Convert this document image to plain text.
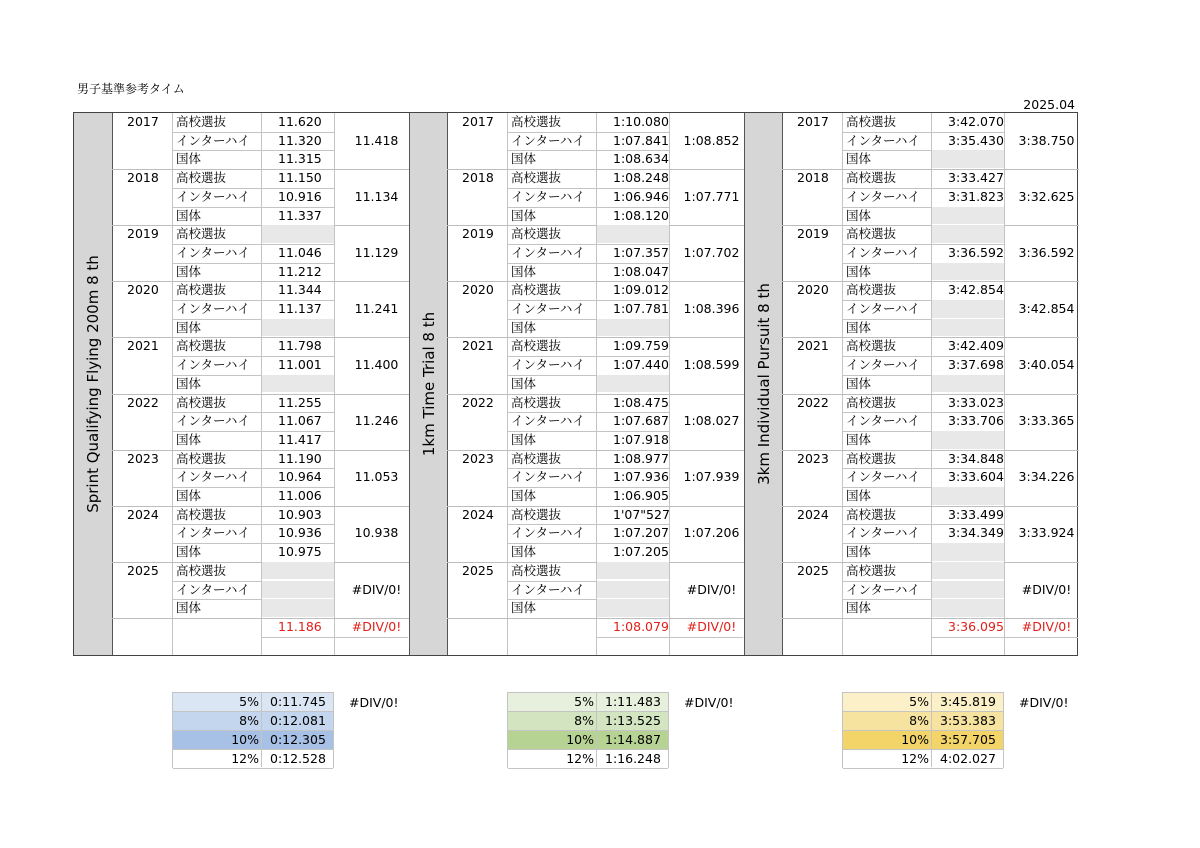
男子基準参考タイム
2025.04
Sprint Qualifying Flying 200m 8 th
2017 高校選抜	11.620
インターハイ 11.320
国体	11.315
11.418
2018 高校選抜	11.150
インターハイ 10.916
国体	11.337
11.134
2019 高校選抜
インターハイ 11.046
国体	11.212
11.129
2020 高校選抜	11.344
インターハイ 11.137
国体
11.241
2021 高校選抜	11.798
インターハイ 11.001
国体
11.400
2022 高校選抜	11.255
インターハイ 11.067
国体	11.417
11.246
2023 高校選抜	11.190
インターハイ 10.964
国体	11.006
11.053
2024 高校選抜	10.903
インターハイ 10.936
国体	10.975
10.938
2025 高校選抜
インターハイ
国体
#DIV/0!
11.186	#DIV/0!
1km Time Trial 8 th
2017 高校選抜	1:10.080
インターハイ 1:07.841
国体	1:08.634
1:08.852
2018 高校選抜	1:08.248
インターハイ 1:06.946
国体	1:08.120
1:07.771
2019 高校選抜
インターハイ 1:07.357
国体	1:08.047
1:07.702
2020 高校選抜	1:09.012
インターハイ 1:07.781
国体
1:08.396
2021 高校選抜	1:09.759
インターハイ 1:07.440
国体
1:08.599
2022 高校選抜	1:08.475
インターハイ 1:07.687
国体	1:07.918
1:08.027
2023 高校選抜	1:08.977
インターハイ 1:07.936
国体	1:06.905
1:07.939
2024 高校選抜	1'07"527
インターハイ 1:07.207
国体	1:07.205
1:07.206
2025 高校選抜
インターハイ
国体
#DIV/0!
1:08.079	#DIV/0!
3km Individual Pursuit 8 th
2017 高校選抜	3:42.070
インターハイ 3:35.430
国体
3:38.750
2018 高校選抜	3:33.427
インターハイ 3:31.823
国体
3:32.625
2019 高校選抜
インターハイ 3:36.592
国体
3:36.592
2020 高校選抜	3:42.854
インターハイ
国体
3:42.854
2021 高校選抜	3:42.409
インターハイ 3:37.698
国体
3:40.054
2022 高校選抜	3:33.023
インターハイ 3:33.706
国体
3:33.365
2023 高校選抜	3:34.848
インターハイ 3:33.604
国体
3:34.226
2024 高校選抜	3:33.499
インターハイ 3:34.349
国体
3:33.924
2025 高校選抜
インターハイ
国体
#DIV/0!
3:36.095	#DIV/0!
5% 0:11.745
8% 0:12.081
10% 0:12.305
12% 0:12.528
#DIV/0!	5% 1:11.483
8% 1:13.525
10% 1:14.887
12% 1:16.248
#DIV/0!	5% 3:45.819
8% 3:53.383
10% 3:57.705
12% 4:02.027
#DIV/0!
